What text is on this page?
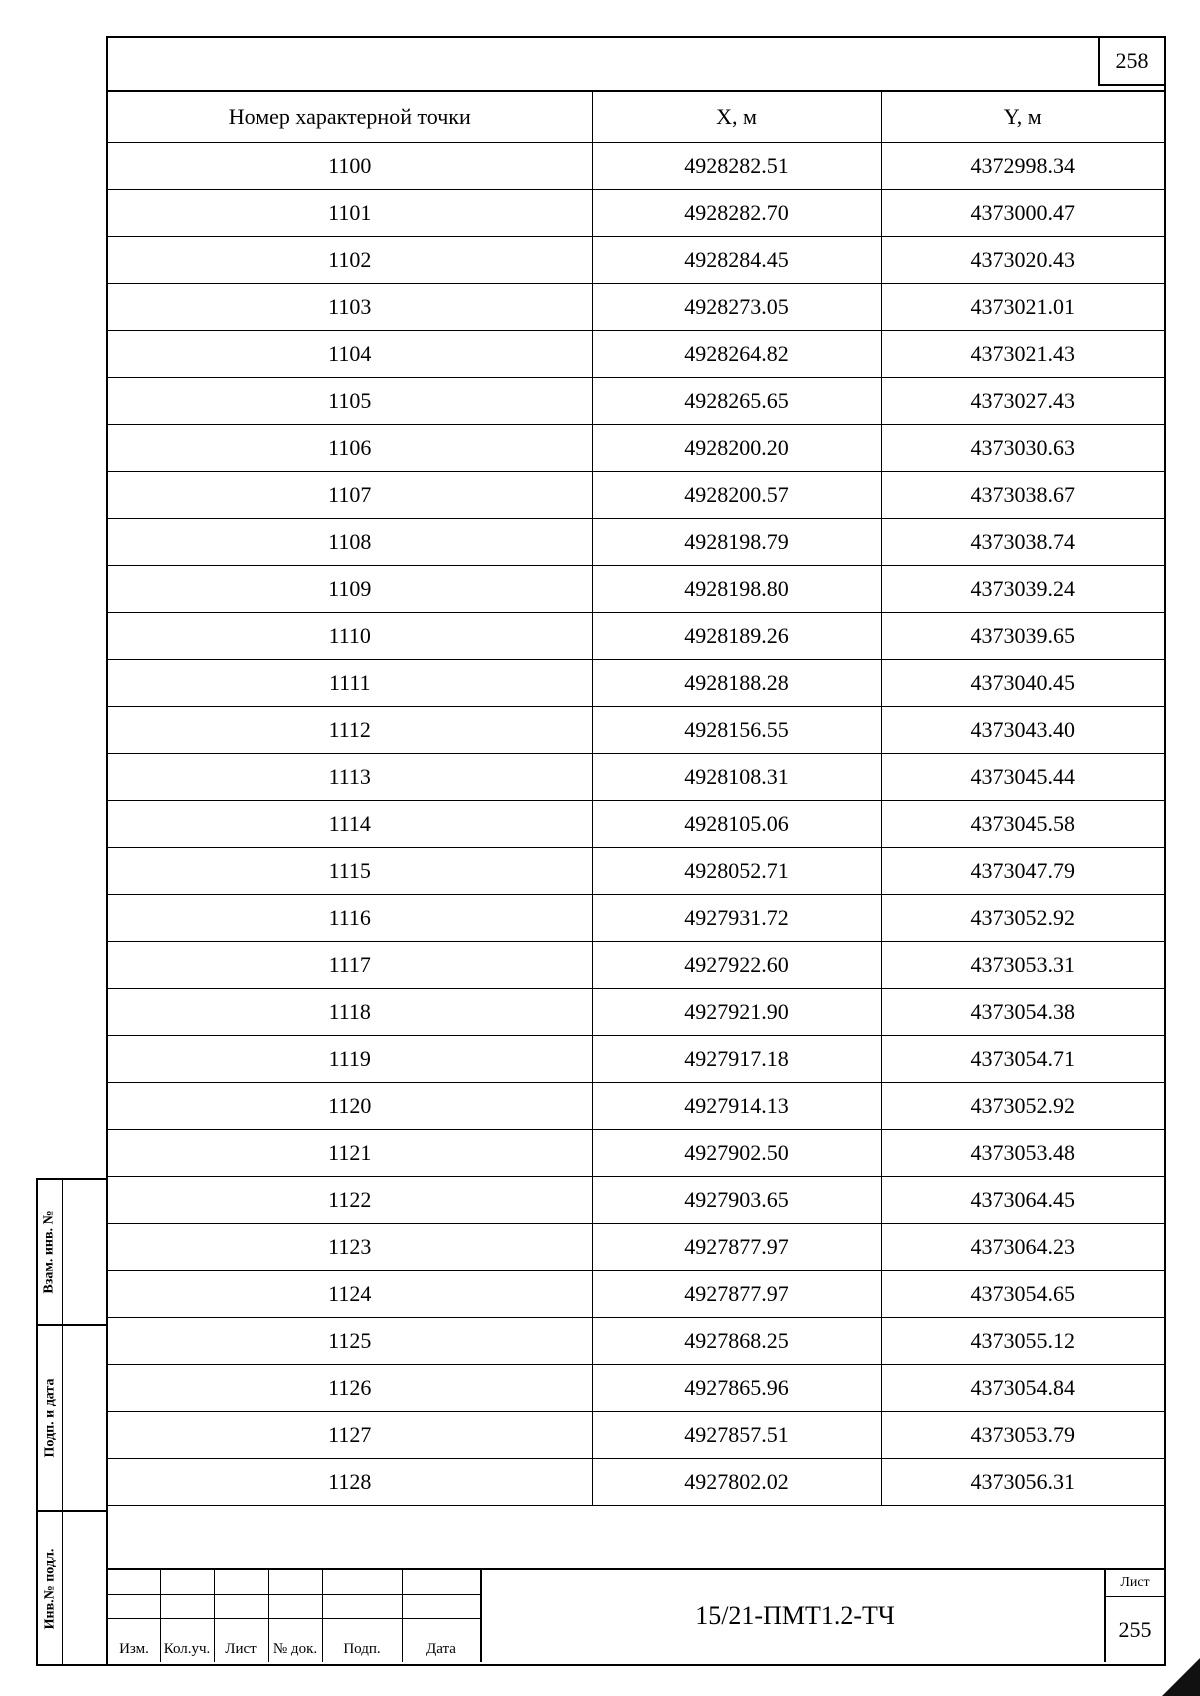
258
Номер характерной точки	X, м	Y, м
1100	4928282.51	4372998.34
1101	4928282.70	4373000.47
1102	4928284.45	4373020.43
1103	4928273.05	4373021.01
1104	4928264.82	4373021.43
1105	4928265.65	4373027.43
1106	4928200.20	4373030.63
1107	4928200.57	4373038.67
1108	4928198.79	4373038.74
1109	4928198.80	4373039.24
1110	4928189.26	4373039.65
1111	4928188.28	4373040.45
1112	4928156.55	4373043.40
1113	4928108.31	4373045.44
1114	4928105.06	4373045.58
1115	4928052.71	4373047.79
1116	4927931.72	4373052.92
1117	4927922.60	4373053.31
1118	4927921.90	4373054.38
1119	4927917.18	4373054.71
1120	4927914.13	4373052.92
1121	4927902.50	4373053.48
1122	4927903.65	4373064.45
1123	4927877.97	4373064.23
1124	4927877.97	4373054.65
1125	4927868.25	4373055.12
1126	4927865.96	4373054.84
1127	4927857.51	4373053.79
1128	4927802.02	4373056.31
Изм. Кол.уч. Лист	№ док.	Подп.	Дата
15/21-ПМТ1.2-ТЧ
Лист
255
Взам. инв. №
Подп. и дата
Инв.№ подл.
